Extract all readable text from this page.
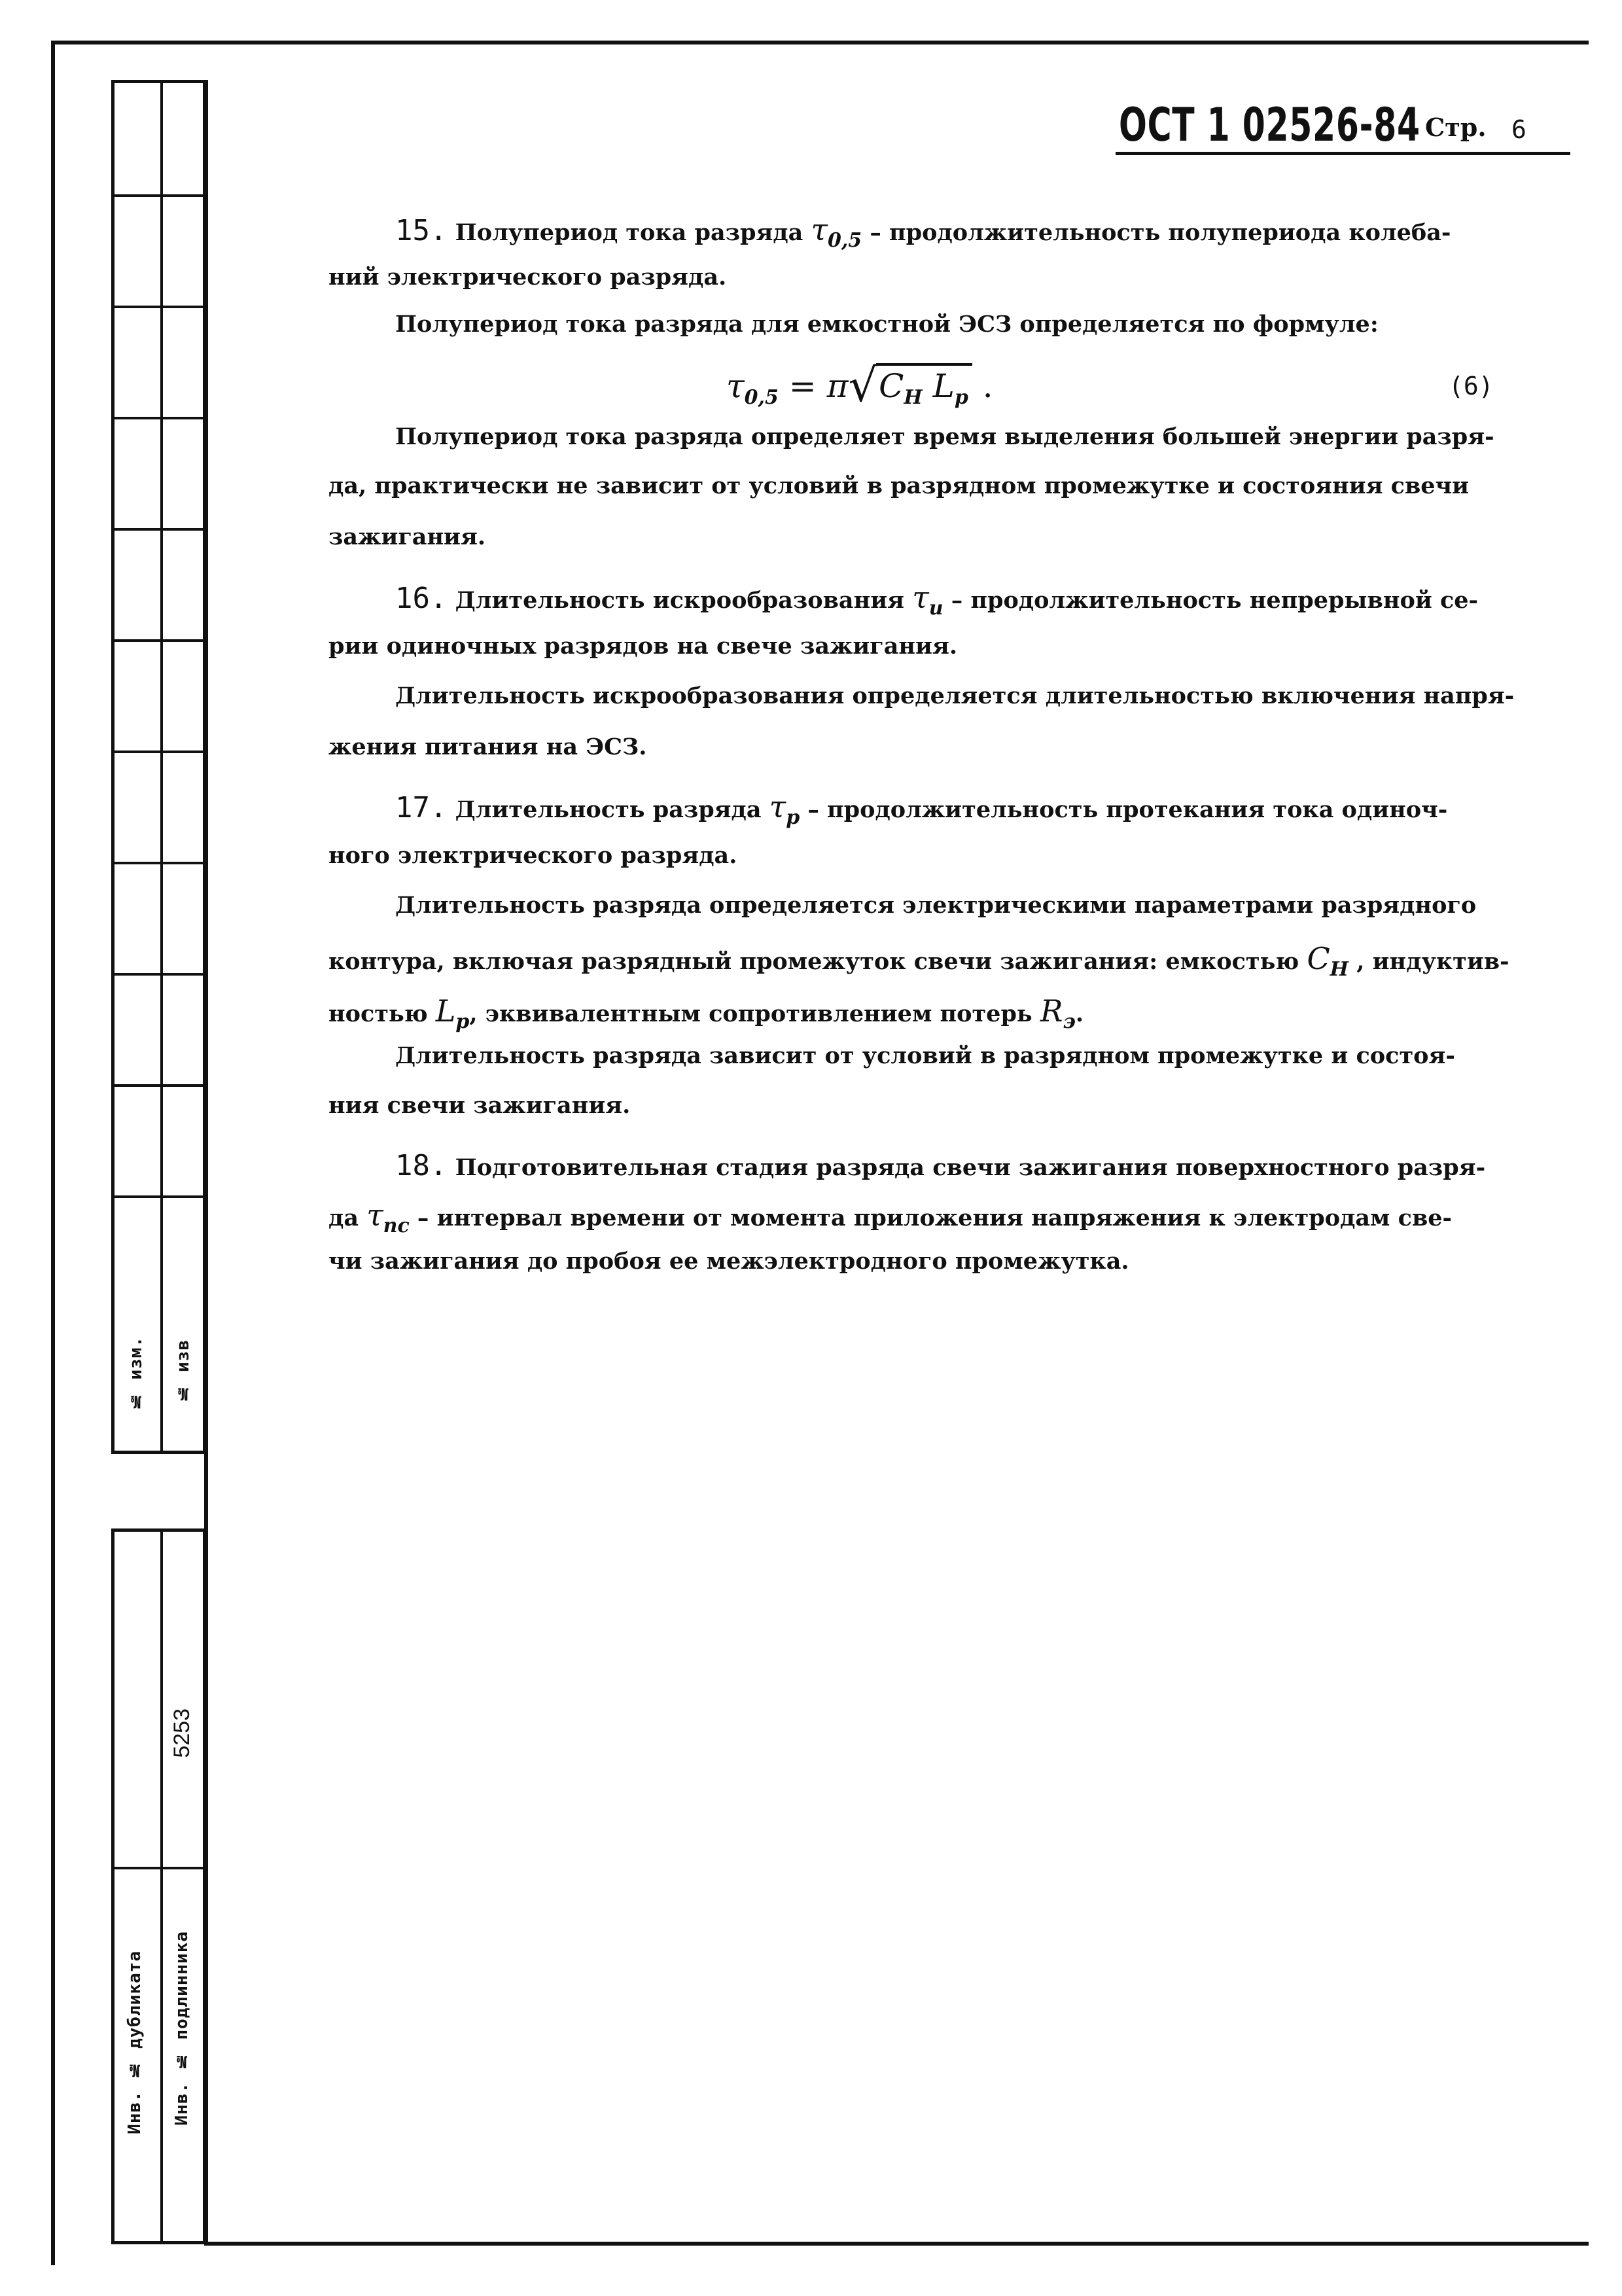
№ изм. № изв
5253
Инв. № дубликата Инв. № подлинника
ОСТ 1 02526-84 Стр. 6
15. Полупериод тока разряда $\tau_{0,5}$ – продолжительность полупериода колеба-
ний электрического разряда.
Полупериод тока разряда для емкостной ЭСЗ определяется по формуле:
$\tau_{0,5} = \pi√C_Н$ $L_р$ .	(6)
Полупериод тока разряда определяет время выделения большей энергии разря-
да, практически не зависит от условий в разрядном промежутке и состояния свечи
зажигания.
16. Длительность искрообразования $\tau_и$ – продолжительность непрерывной се-
рии одиночных разрядов на свече зажигания.
Длительность искрообразования определяется длительностью включения напря-
жения питания на ЭСЗ.
17. Длительность разряда $\tau_р$ – продолжительность протекания тока одиноч-
ного электрического разряда.
Длительность разряда определяется электрическими параметрами разрядного
контура, включая разрядный промежуток свечи зажигания: емкостью $C_Н$ , индуктив-
ностью $L_р$, эквивалентным сопротивлением потерь $R_э$.
Длительность разряда зависит от условий в разрядном промежутке и состоя-
ния свечи зажигания.
18. Подготовительная стадия разряда свечи зажигания поверхностного разря-
да $\tau_{пс}$ – интервал времени от момента приложения напряжения к электродам све-
чи зажигания до пробоя ее межэлектродного промежутка.
